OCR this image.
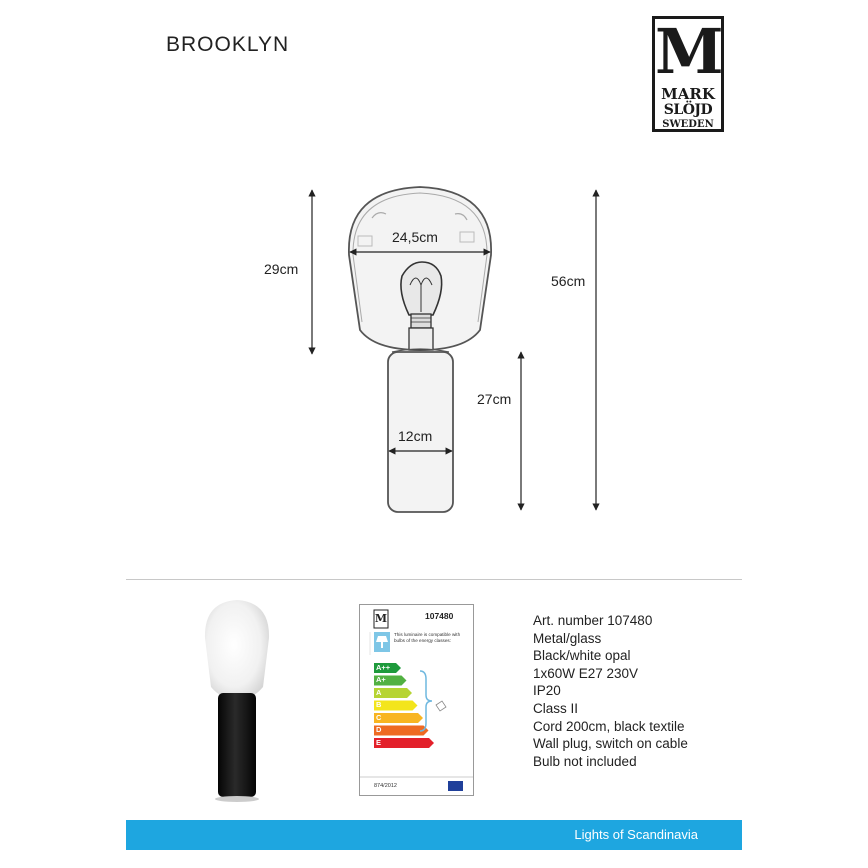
BROOKLYN	M
MARK
SLÖJD
SWEDEN
29cm
24,5cm
56cm
27cm
12cm
M	107480
This luminaire is compatible with bulbs of the energy classes:
A++
A+
A
B
C
D
E
874/2012
Art. number 107480
Metal/glass
Black/white opal
1x60W E27 230V
IP20
Class II
Cord 200cm, black textile
Wall plug, switch on cable
Bulb not included
Lights of Scandinavia
